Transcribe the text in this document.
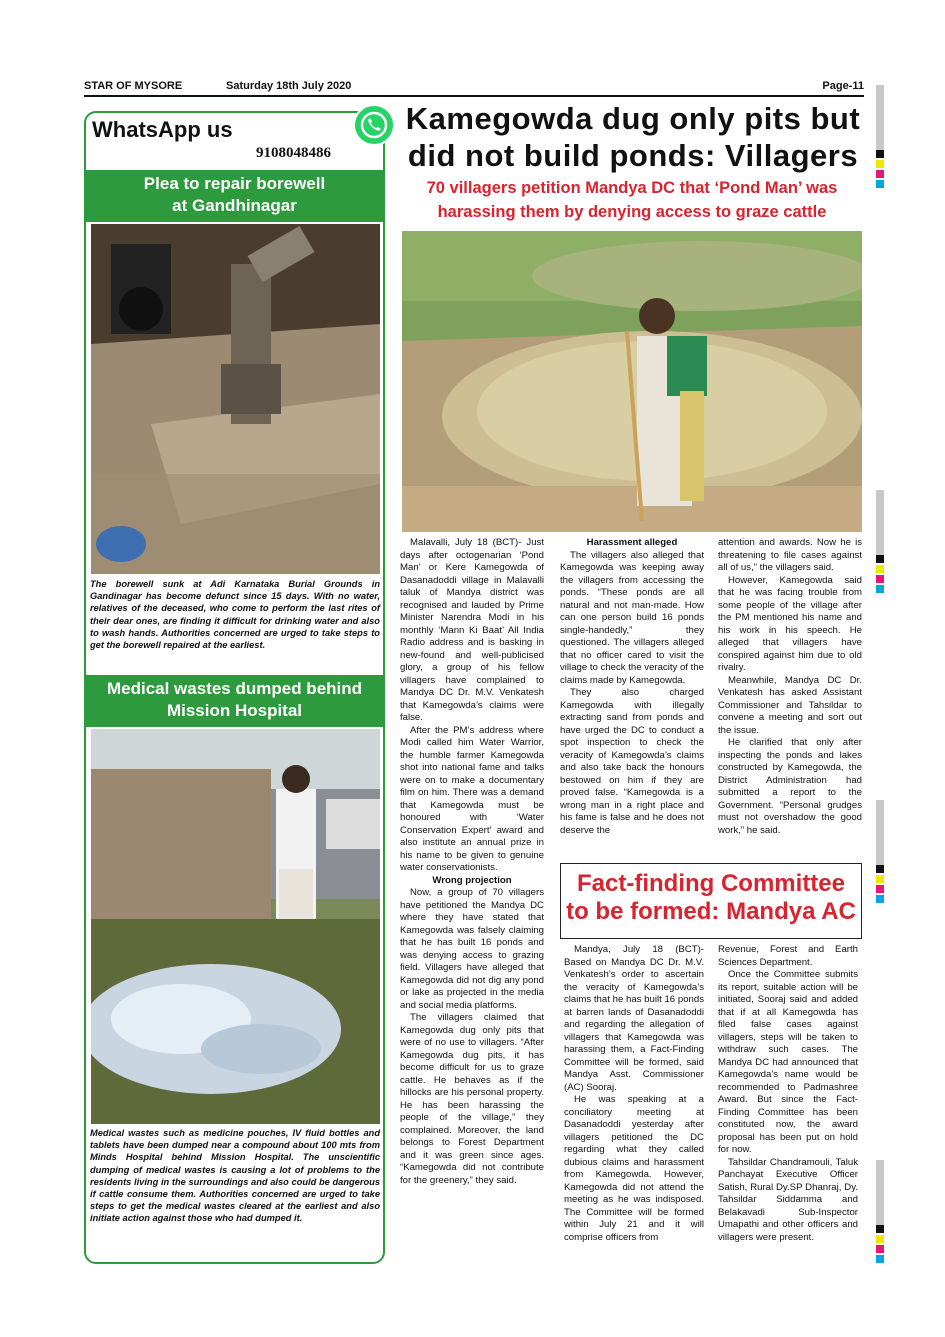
STAR OF MYSORE	Saturday 18th July 2020	Page-11
WhatsApp us
9108048486
Plea to repair borewell
at Gandhinagar
The borewell sunk at Adi Karnataka Burial Grounds in Gandinagar has become defunct since 15 days. With no water, relatives of the deceased, who come to perform the last rites of their dear ones, are finding it difficult for drinking water and also to wash hands. Authorities concerned are urged to take steps to get the borewell repaired at the earliest.
Medical wastes dumped behind
Mission Hospital
Medical wastes such as medicine pouches, IV fluid bottles and tablets have been dumped near a compound about 100 mts from Minds Hospital behind Mission Hospital. The unscientific dumping of medical wastes is causing a lot of problems to the residents living in the surroundings and also could be dangerous if cattle consume them. Authorities concerned are urged to take steps to get the medical wastes cleared at the earliest and also initiate action against those who had dumped it.
Kamegowda dug only pits but
did not build ponds: Villagers
70 villagers petition Mandya DC that ‘Pond Man’ was
harassing them by denying access to graze cattle

Malavalli, July 18 (BCT)- Just days after octogenarian ‘Pond Man’ or Kere Kamegowda of Dasanadoddi village in Malavalli taluk of Mandya district was recognised and lauded by Prime Minister Narendra Modi in his monthly ‘Mann Ki Baat’ All India Radio address and is basking in new-found and well-publicised glory, a group of his fellow villagers have complained to Mandya DC Dr. M.V. Venkatesh that Kamegowda’s claims were false.

After the PM’s address where Modi called him Water Warrior, the humble farmer Kamegowda shot into national fame and talks were on to make a documentary film on him. There was a demand that Kamegowda must be honoured with ‘Water Conservation Expert’ award and also institute an annual prize in his name to be given to genuine water conservationists.

Wrong projection

Now, a group of 70 villagers have petitioned the Mandya DC where they have stated that Kamegowda was falsely claiming that he has built 16 ponds and was denying access to grazing field. Villagers have alleged that Kamegowda did not dig any pond or lake as projected in the media and social media platforms.

The villagers claimed that Kamegowda dug only pits that were of no use to villagers. “After Kamegowda dug pits, it has become difficult for us to graze cattle. He behaves as if the hillocks are his personal property. He has been harassing the people of the village,” they complained. Moreover, the land belongs to Forest Department and it was green since ages. “Kamegowda did not contribute for the greenery,” they said.

Harassment alleged

The villagers also alleged that Kamegowda was keeping away the villagers from accessing the ponds. “These ponds are all natural and not man-made. How can one person build 16 ponds single-handedly,” they questioned. The villagers alleged that no officer cared to visit the village to check the veracity of the claims made by Kamegowda.

They also charged Kamegowda with illegally extracting sand from ponds and have urged the DC to conduct a spot inspection to check the veracity of Kamegowda’s claims and also take back the honours bestowed on him if they are proved false. “Kamegowda is a wrong man in a right place and his fame is false and he does not deserve the

attention and awards. Now he is threatening to file cases against all of us,” the villagers said.

However, Kamegowda said that he was facing trouble from some people of the village after the PM mentioned his name and his work in his speech. He alleged that villagers have conspired against him due to old rivalry.

Meanwhile, Mandya DC Dr. Venkatesh has asked Assistant Commissioner and Tahsildar to convene a meeting and sort out the issue.

He clarified that only after inspecting the ponds and lakes constructed by Kamegowda, the District Administration had submitted a report to the Government. “Personal grudges must not overshadow the good work,” he said.

Fact-finding Committee
to be formed: Mandya AC

Mandya, July 18 (BCT)- Based on Mandya DC Dr. M.V. Venkatesh’s order to ascertain the veracity of Kamegowda’s claims that he has built 16 ponds at barren lands of Dasanadoddi and regarding the allegation of villagers that Kamegowda was harassing them, a Fact-Finding Committee will be formed, said Mandya Asst. Commissioner (AC) Sooraj.

He was speaking at a conciliatory meeting at Dasanadoddi yesterday after villagers petitioned the DC regarding what they called dubious claims and harassment from Kamegowda. However, Kamegowda did not attend the meeting as he was indisposed. The Committee will be formed within July 21 and it will comprise officers from

Revenue, Forest and Earth Sciences Department.

Once the Committee submits its report, suitable action will be initiated, Sooraj said and added that if at all Kamegowda has filed false cases against villagers, steps will be taken to withdraw such cases. The Mandya DC had announced that Kamegowda’s name would be recommended to Padmashree Award. But since the Fact-Finding Committee has been constituted now, the award proposal has been put on hold for now.

Tahsildar Chandramouli, Taluk Panchayat Executive Officer Satish, Rural Dy.SP Dhanraj, Dy. Tahsildar Siddamma and Belakavadi Sub-Inspector Umapathi and other officers and villagers were present.
